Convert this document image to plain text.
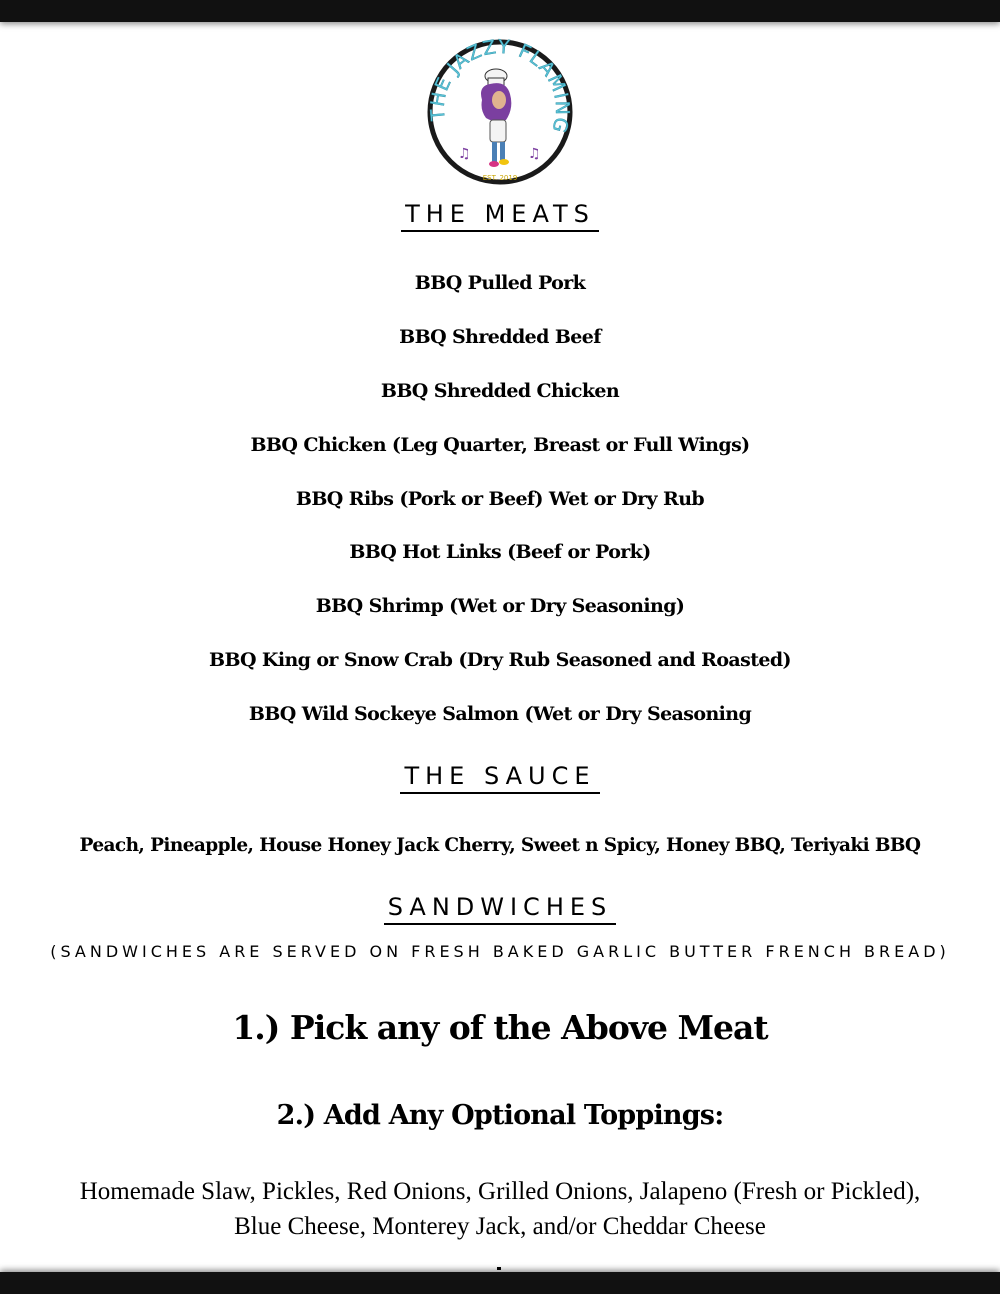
THE JAZZY FLAMING
♫	♫
EST. 2019
THE MEATS
BBQ Pulled Pork
BBQ Shredded Beef
BBQ Shredded Chicken
BBQ Chicken (Leg Quarter, Breast or Full Wings)
BBQ Ribs (Pork or Beef) Wet or Dry Rub
BBQ Hot Links (Beef or Pork)
BBQ Shrimp (Wet or Dry Seasoning)
BBQ King or Snow Crab (Dry Rub Seasoned and Roasted)
BBQ Wild Sockeye Salmon (Wet or Dry Seasoning
THE SAUCE
Peach, Pineapple, House Honey Jack Cherry, Sweet n Spicy, Honey BBQ, Teriyaki BBQ
SANDWICHES
(SANDWICHES ARE SERVED ON FRESH BAKED GARLIC BUTTER FRENCH BREAD)
1.) Pick any of the Above Meat
2.) Add Any Optional Toppings:
Homemade Slaw, Pickles, Red Onions, Grilled Onions, Jalapeno (Fresh or Pickled),
Blue Cheese, Monterey Jack, and/or Cheddar Cheese
